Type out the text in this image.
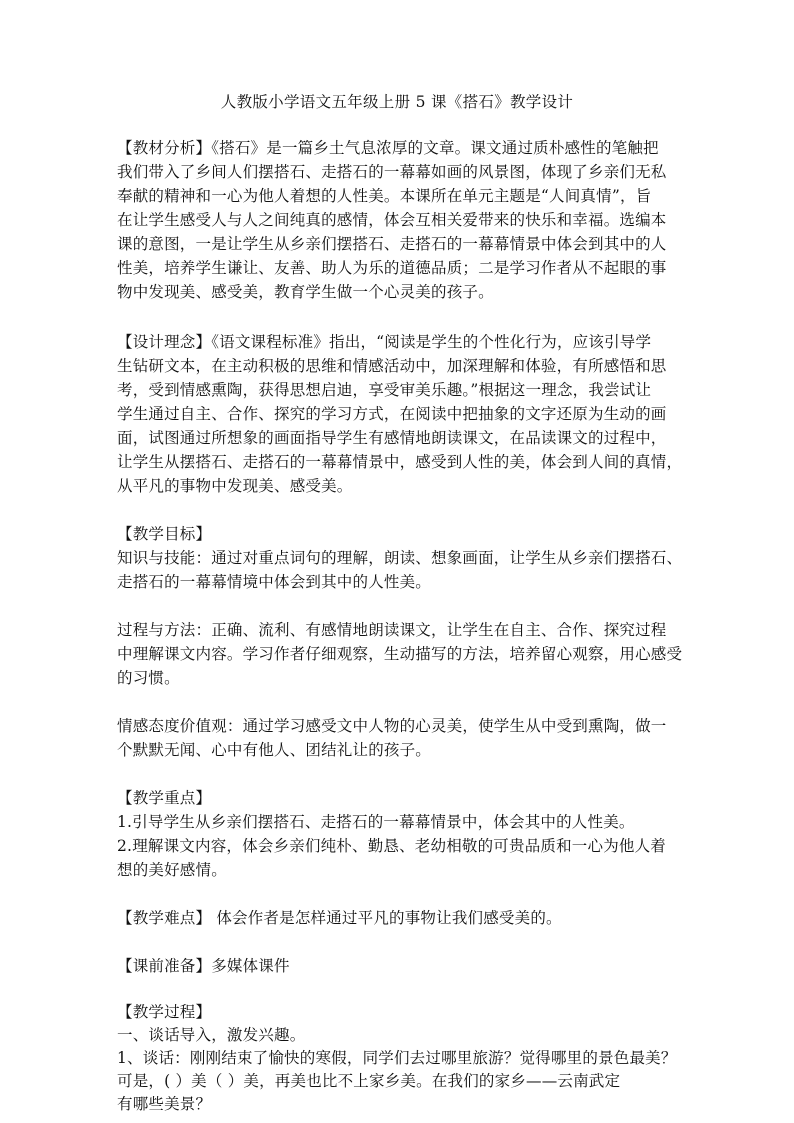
人教版小学语文五年级上册 5 课《搭石》教学设计
【教材分析】《搭石》是一篇乡土气息浓厚的文章。课文通过质朴感性的笔触把
我们带入了乡间人们摆搭石、走搭石的一幕幕如画的风景图，体现了乡亲们无私
奉献的精神和一心为他人着想的人性美。本课所在单元主题是“人间真情”，旨
在让学生感受人与人之间纯真的感情，体会互相关爱带来的快乐和幸福。选编本
课的意图，一是让学生从乡亲们摆搭石、走搭石的一幕幕情景中体会到其中的人
性美，培养学生谦让、友善、助人为乐的道德品质；二是学习作者从不起眼的事
物中发现美、感受美，教育学生做一个心灵美的孩子。
【设计理念】《语文课程标准》指出，“阅读是学生的个性化行为，应该引导学
生钻研文本，在主动积极的思维和情感活动中，加深理解和体验，有所感悟和思
考，受到情感熏陶，获得思想启迪，享受审美乐趣。”根据这一理念，我尝试让
学生通过自主、合作、探究的学习方式，在阅读中把抽象的文字还原为生动的画
面，试图通过所想象的画面指导学生有感情地朗读课文，在品读课文的过程中，
让学生从摆搭石、走搭石的一幕幕情景中，感受到人性的美，体会到人间的真情，
从平凡的事物中发现美、感受美。
【教学目标】
知识与技能：通过对重点词句的理解，朗读、想象画面，让学生从乡亲们摆搭石、
走搭石的一幕幕情境中体会到其中的人性美。
过程与方法：正确、流利、有感情地朗读课文，让学生在自主、合作、探究过程
中理解课文内容。学习作者仔细观察，生动描写的方法，培养留心观察，用心感受
的习惯。
情感态度价值观：通过学习感受文中人物的心灵美，使学生从中受到熏陶，做一
个默默无闻、心中有他人、团结礼让的孩子。
【教学重点】
1.引导学生从乡亲们摆搭石、走搭石的一幕幕情景中，体会其中的人性美。
2.理解课文内容，体会乡亲们纯朴、勤恳、老幼相敬的可贵品质和一心为他人着
想的美好感情。
【教学难点】 体会作者是怎样通过平凡的事物让我们感受美的。
【课前准备】多媒体课件
【教学过程】
一、谈话导入，激发兴趣。
1、谈话：刚刚结束了愉快的寒假，同学们去过哪里旅游？觉得哪里的景色最美？
可是，( ）美（ ）美，再美也比不上家乡美。在我们的家乡——云南武定
有哪些美景？
